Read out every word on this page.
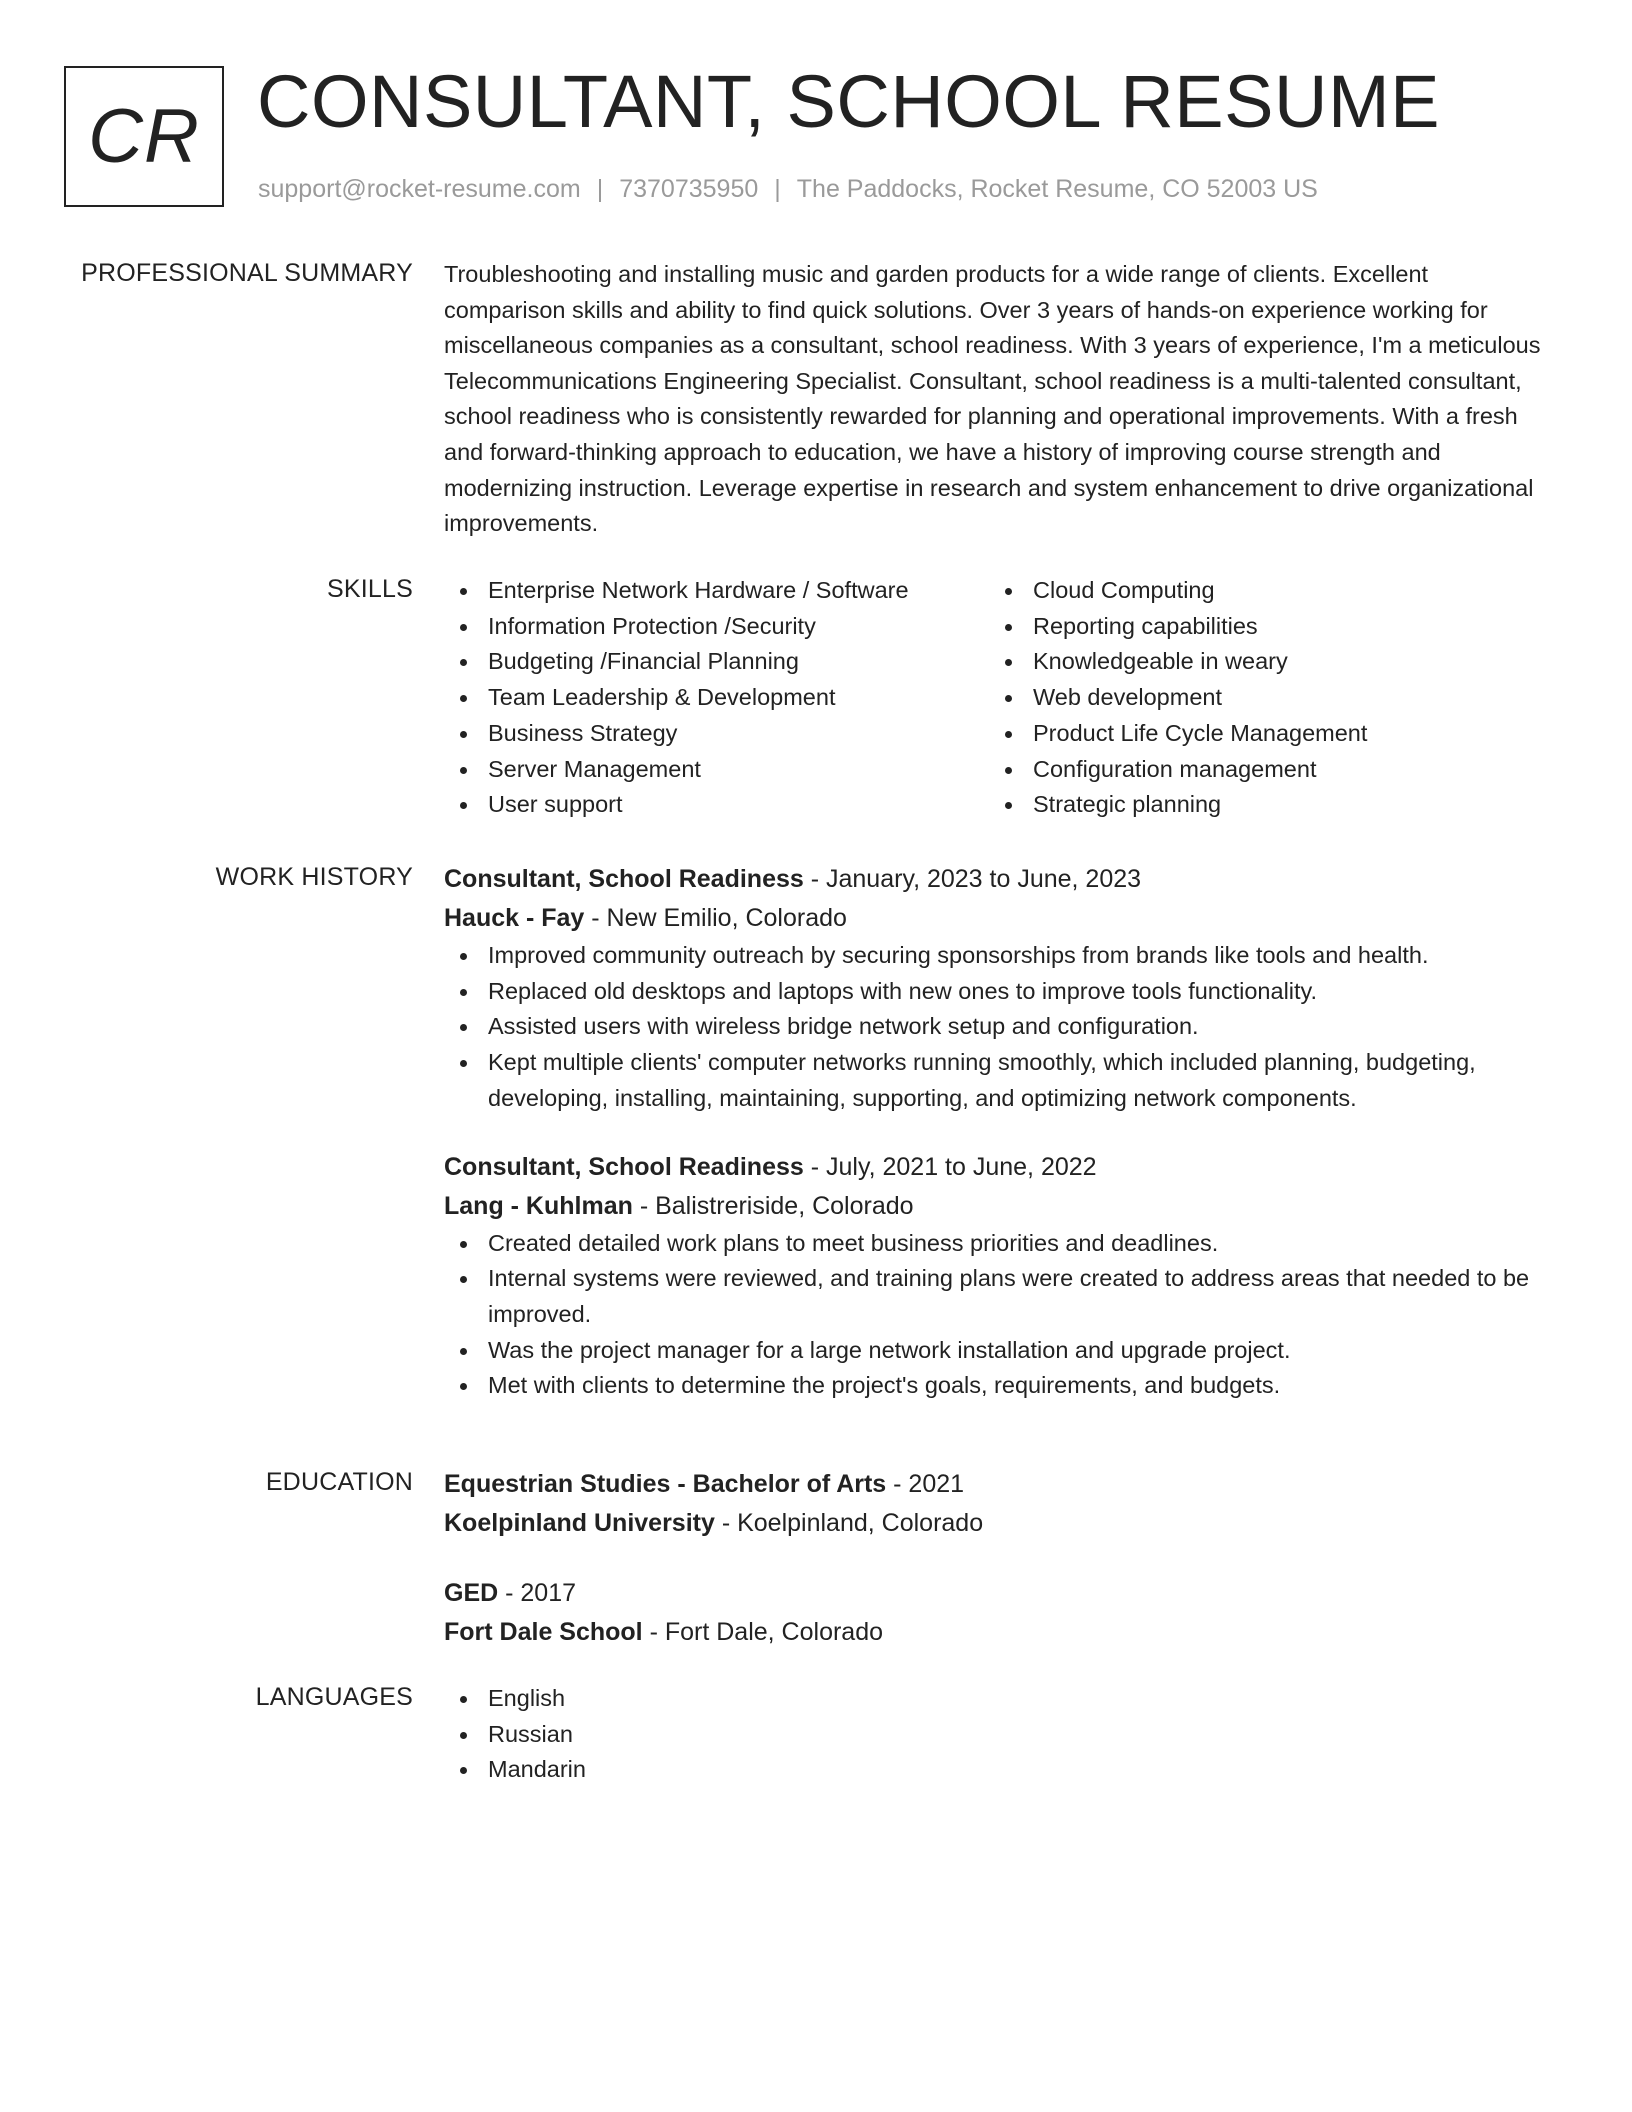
CR CONSULTANT, SCHOOL RESUME
support@rocket-resume.com | 7370735950 | The Paddocks, Rocket Resume, CO 52003 US
PROFESSIONAL SUMMARY Troubleshooting and installing music and garden products for a wide range of clients. Excellent comparison skills and ability to find quick solutions. Over 3 years of hands-on experience working for miscellaneous companies as a consultant, school readiness. With 3 years of experience, I'm a meticulous Telecommunications Engineering Specialist. Consultant, school readiness is a multi-talented consultant, school readiness who is consistently rewarded for planning and operational improvements. With a fresh and forward-thinking approach to education, we have a history of improving course strength and modernizing instruction. Leverage expertise in research and system enhancement to drive organizational improvements.

SKILLS	Enterprise Network Hardware / Software
Information Protection /Security
Budgeting /Financial Planning
Team Leadership & Development
Business Strategy
Server Management
User support
Cloud Computing
Reporting capabilities
Knowledgeable in weary
Web development
Product Life Cycle Management
Configuration management
Strategic planning
WORK HISTORY Consultant, School Readiness - January, 2023 to June, 2023
Hauck - Fay - New Emilio, Colorado
Improved community outreach by securing sponsorships from brands like tools and health.
Replaced old desktops and laptops with new ones to improve tools functionality.
Assisted users with wireless bridge network setup and configuration.
Kept multiple clients' computer networks running smoothly, which included planning, budgeting, developing, installing, maintaining, supporting, and optimizing network components.
Consultant, School Readiness - July, 2021 to June, 2022
Lang - Kuhlman - Balistreriside, Colorado
Created detailed work plans to meet business priorities and deadlines.
Internal systems were reviewed, and training plans were created to address areas that needed to be improved.
Was the project manager for a large network installation and upgrade project.
Met with clients to determine the project's goals, requirements, and budgets.
EDUCATION Equestrian Studies - Bachelor of Arts - 2021
Koelpinland University - Koelpinland, Colorado
GED - 2017
Fort Dale School - Fort Dale, Colorado
LANGUAGES	English
Russian
Mandarin
